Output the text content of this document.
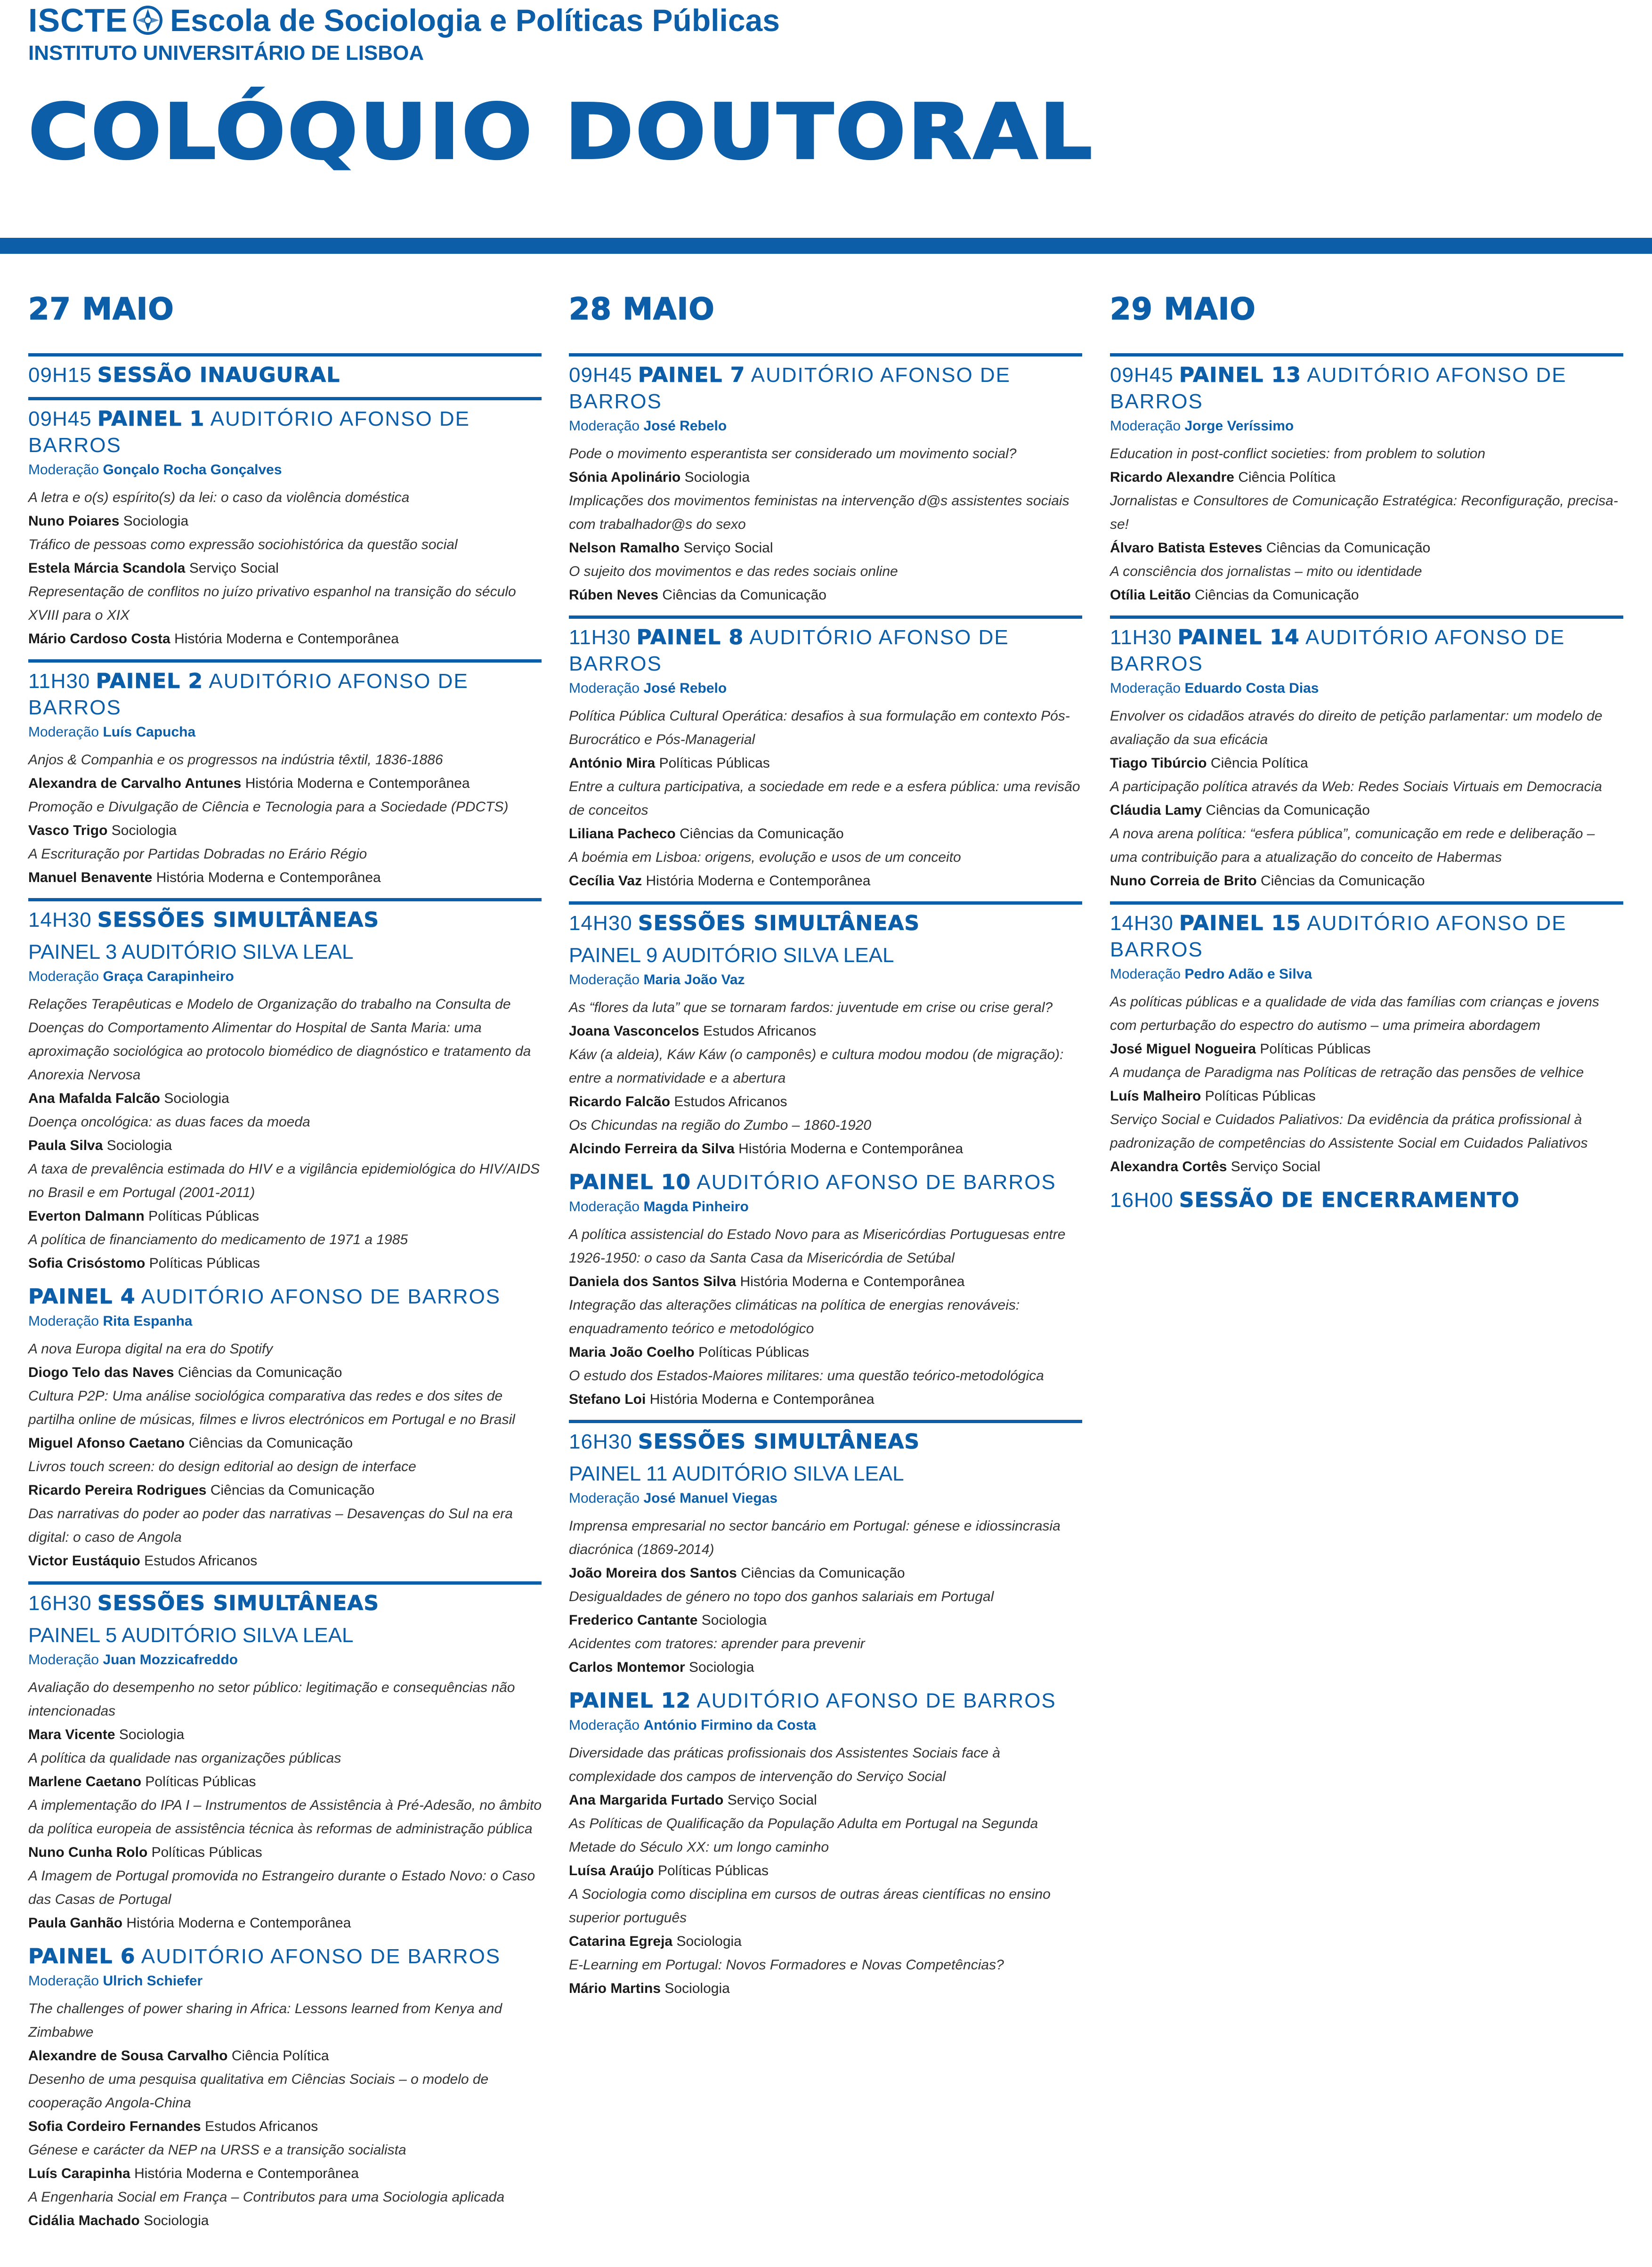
ISCTE Escola de Sociologia e Políticas Públicas
INSTITUTO UNIVERSITÁRIO DE LISBOA
COLÓQUIO DOUTORAL
27 MAIO
09H15 SESSÃO INAUGURAL
09H45 PAINEL 1 AUDITÓRIO AFONSO DE BARROS
Moderação Gonçalo Rocha Gonçalves
A letra e o(s) espírito(s) da lei: o caso da violência doméstica
Nuno Poiares Sociologia
Tráfico de pessoas como expressão sociohistórica da questão social
Estela Márcia Scandola Serviço Social
Representação de conflitos no juízo privativo espanhol na transição do século XVIII para o XIX
Mário Cardoso Costa História Moderna e Contemporânea
11H30 PAINEL 2 AUDITÓRIO AFONSO DE BARROS
Moderação Luís Capucha
Anjos & Companhia e os progressos na indústria têxtil, 1836-1886
Alexandra de Carvalho Antunes História Moderna e Contemporânea
Promoção e Divulgação de Ciência e Tecnologia para a Sociedade (PDCTS)
Vasco Trigo Sociologia
A Escrituração por Partidas Dobradas no Erário Régio
Manuel Benavente História Moderna e Contemporânea
14H30 SESSÕES SIMULTÂNEAS
PAINEL 3 AUDITÓRIO SILVA LEAL
Moderação Graça Carapinheiro
Relações Terapêuticas e Modelo de Organização do trabalho na Consulta de Doenças do Comportamento Alimentar do Hospital de Santa Maria: uma aproximação sociológica ao protocolo biomédico de diagnóstico e tratamento da Anorexia Nervosa
Ana Mafalda Falcão Sociologia
Doença oncológica: as duas faces da moeda
Paula Silva Sociologia
A taxa de prevalência estimada do HIV e a vigilância epidemiológica do HIV/AIDS no Brasil e em Portugal (2001-2011)
Everton Dalmann Políticas Públicas
A política de financiamento do medicamento de 1971 a 1985
Sofia Crisóstomo Políticas Públicas
PAINEL 4 AUDITÓRIO AFONSO DE BARROS
Moderação Rita Espanha
A nova Europa digital na era do Spotify
Diogo Telo das Naves Ciências da Comunicação
Cultura P2P: Uma análise sociológica comparativa das redes e dos sites de partilha online de músicas, filmes e livros electrónicos em Portugal e no Brasil
Miguel Afonso Caetano Ciências da Comunicação
Livros touch screen: do design editorial ao design de interface
Ricardo Pereira Rodrigues Ciências da Comunicação
Das narrativas do poder ao poder das narrativas – Desavenças do Sul na era digital: o caso de Angola
Victor Eustáquio Estudos Africanos
16H30 SESSÕES SIMULTÂNEAS
PAINEL 5 AUDITÓRIO SILVA LEAL
Moderação Juan Mozzicafreddo
Avaliação do desempenho no setor público: legitimação e consequências não intencionadas
Mara Vicente Sociologia
A política da qualidade nas organizações públicas
Marlene Caetano Políticas Públicas
A implementação do IPA I – Instrumentos de Assistência à Pré-Adesão, no âmbito da política europeia de assistência técnica às reformas de administração pública
Nuno Cunha Rolo Políticas Públicas
A Imagem de Portugal promovida no Estrangeiro durante o Estado Novo: o Caso das Casas de Portugal
Paula Ganhão História Moderna e Contemporânea
PAINEL 6 AUDITÓRIO AFONSO DE BARROS
Moderação Ulrich Schiefer
The challenges of power sharing in Africa: Lessons learned from Kenya and Zimbabwe
Alexandre de Sousa Carvalho Ciência Política
Desenho de uma pesquisa qualitativa em Ciências Sociais – o modelo de cooperação Angola-China
Sofia Cordeiro Fernandes Estudos Africanos
Génese e carácter da NEP na URSS e a transição socialista
Luís Carapinha História Moderna e Contemporânea
A Engenharia Social em França – Contributos para uma Sociologia aplicada
Cidália Machado Sociologia
28 MAIO
09H45 PAINEL 7 AUDITÓRIO AFONSO DE BARROS
Moderação José Rebelo
Pode o movimento esperantista ser considerado um movimento social?
Sónia Apolinário Sociologia
Implicações dos movimentos feministas na intervenção d@s assistentes sociais com trabalhador@s do sexo
Nelson Ramalho Serviço Social
O sujeito dos movimentos e das redes sociais online
Rúben Neves Ciências da Comunicação
11H30 PAINEL 8 AUDITÓRIO AFONSO DE BARROS
Moderação José Rebelo
Política Pública Cultural Operática: desafios à sua formulação em contexto Pós-Burocrático e Pós-Managerial
António Mira Políticas Públicas
Entre a cultura participativa, a sociedade em rede e a esfera pública: uma revisão de conceitos
Liliana Pacheco Ciências da Comunicação
A boémia em Lisboa: origens, evolução e usos de um conceito
Cecília Vaz História Moderna e Contemporânea
14H30 SESSÕES SIMULTÂNEAS
PAINEL 9 AUDITÓRIO SILVA LEAL
Moderação Maria João Vaz
As “flores da luta” que se tornaram fardos: juventude em crise ou crise geral?
Joana Vasconcelos Estudos Africanos
Káw (a aldeia), Káw Káw (o camponês) e cultura modou modou (de migração): entre a normatividade e a abertura
Ricardo Falcão Estudos Africanos
Os Chicundas na região do Zumbo – 1860-1920
Alcindo Ferreira da Silva História Moderna e Contemporânea
PAINEL 10 AUDITÓRIO AFONSO DE BARROS
Moderação Magda Pinheiro
A política assistencial do Estado Novo para as Misericórdias Portuguesas entre 1926-1950: o caso da Santa Casa da Misericórdia de Setúbal
Daniela dos Santos Silva História Moderna e Contemporânea
Integração das alterações climáticas na política de energias renováveis: enquadramento teórico e metodológico
Maria João Coelho Políticas Públicas
O estudo dos Estados-Maiores militares: uma questão teórico-metodológica
Stefano Loi História Moderna e Contemporânea
16H30 SESSÕES SIMULTÂNEAS
PAINEL 11 AUDITÓRIO SILVA LEAL
Moderação José Manuel Viegas
Imprensa empresarial no sector bancário em Portugal: génese e idiossincrasia diacrónica (1869-2014)
João Moreira dos Santos Ciências da Comunicação
Desigualdades de género no topo dos ganhos salariais em Portugal
Frederico Cantante Sociologia
Acidentes com tratores: aprender para prevenir
Carlos Montemor Sociologia
PAINEL 12 AUDITÓRIO AFONSO DE BARROS
Moderação António Firmino da Costa
Diversidade das práticas profissionais dos Assistentes Sociais face à complexidade dos campos de intervenção do Serviço Social
Ana Margarida Furtado Serviço Social
As Políticas de Qualificação da População Adulta em Portugal na Segunda Metade do Século XX: um longo caminho
Luísa Araújo Políticas Públicas
A Sociologia como disciplina em cursos de outras áreas científicas no ensino superior português
Catarina Egreja Sociologia
E-Learning em Portugal: Novos Formadores e Novas Competências?
Mário Martins Sociologia
29 MAIO
09H45 PAINEL 13 AUDITÓRIO AFONSO DE BARROS
Moderação Jorge Veríssimo
Education in post-conflict societies: from problem to solution
Ricardo Alexandre Ciência Política
Jornalistas e Consultores de Comunicação Estratégica: Reconfiguração, precisa-se!
Álvaro Batista Esteves Ciências da Comunicação
A consciência dos jornalistas – mito ou identidade
Otília Leitão Ciências da Comunicação
11H30 PAINEL 14 AUDITÓRIO AFONSO DE BARROS
Moderação Eduardo Costa Dias
Envolver os cidadãos através do direito de petição parlamentar: um modelo de avaliação da sua eficácia
Tiago Tibúrcio Ciência Política
A participação política através da Web: Redes Sociais Virtuais em Democracia
Cláudia Lamy Ciências da Comunicação
A nova arena política: “esfera pública”, comunicação em rede e deliberação – uma contribuição para a atualização do conceito de Habermas
Nuno Correia de Brito Ciências da Comunicação
14H30 PAINEL 15 AUDITÓRIO AFONSO DE BARROS
Moderação Pedro Adão e Silva
As políticas públicas e a qualidade de vida das famílias com crianças e jovens com perturbação do espectro do autismo – uma primeira abordagem
José Miguel Nogueira Políticas Públicas
A mudança de Paradigma nas Políticas de retração das pensões de velhice
Luís Malheiro Políticas Públicas
Serviço Social e Cuidados Paliativos: Da evidência da prática profissional à padronização de competências do Assistente Social em Cuidados Paliativos
Alexandra Cortês Serviço Social
16H00 SESSÃO DE ENCERRAMENTO
